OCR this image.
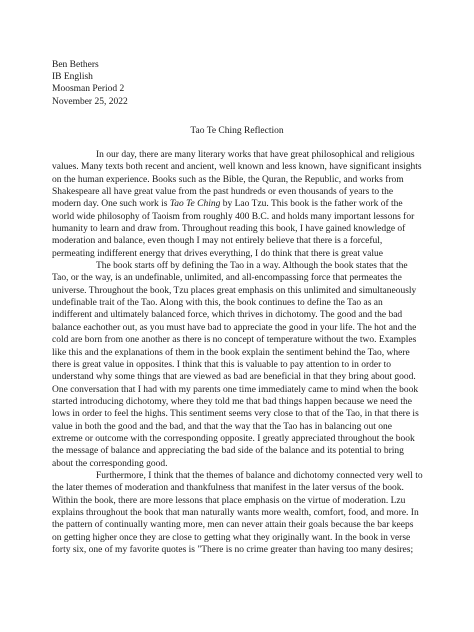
Ben Bethers
IB English
Moosman Period 2
November 25, 2022
Tao Te Ching Reflection

In our day, there are many literary works that have great philosophical and religious values. Many texts both recent and ancient, well known and less known, have significant insights on the human experience. Books such as the Bible, the Quran, the Republic, and works from Shakespeare all have great value from the past hundreds or even thousands of years to the modern day. One such work is Tao Te Ching by Lao Tzu. This book is the father work of the world wide philosophy of Taoism from roughly 400 B.C. and holds many important lessons for humanity to learn and draw from. Throughout reading this book, I have gained knowledge of moderation and balance, even though I may not entirely believe that there is a forceful, permeating indifferent energy that drives everything, I do think that there is great value

The book starts off by defining the Tao in a way. Although the book states that the Tao, or the way, is an undefinable, unlimited, and all-encompassing force that permeates the universe. Throughout the book, Tzu places great emphasis on this unlimited and simultaneously undefinable trait of the Tao. Along with this, the book continues to define the Tao as an indifferent and ultimately balanced force, which thrives in dichotomy. The good and the bad balance eachother out, as you must have bad to appreciate the good in your life. The hot and the cold are born from one another as there is no concept of temperature without the two. Examples like this and the explanations of them in the book explain the sentiment behind the Tao, where there is great value in opposites. I think that this is valuable to pay attention to in order to understand why some things that are viewed as bad are beneficial in that they bring about good. One conversation that I had with my parents one time immediately came to mind when the book started introducing dichotomy, where they told me that bad things happen because we need the lows in order to feel the highs. This sentiment seems very close to that of the Tao, in that there is value in both the good and the bad, and that the way that the Tao has in balancing out one extreme or outcome with the corresponding opposite. I greatly appreciated throughout the book the message of balance and appreciating the bad side of the balance and its potential to bring about the corresponding good.

Furthermore, I think that the themes of balance and dichotomy connected very well to the later themes of moderation and thankfulness that manifest in the later versus of the book. Within the book, there are more lessons that place emphasis on the virtue of moderation. Lzu explains throughout the book that man naturally wants more wealth, comfort, food, and more. In the pattern of continually wanting more, men can never attain their goals because the bar keeps on getting higher once they are close to getting what they originally want. In the book in verse forty six, one of my favorite quotes is "There is no crime greater than having too many desires;
